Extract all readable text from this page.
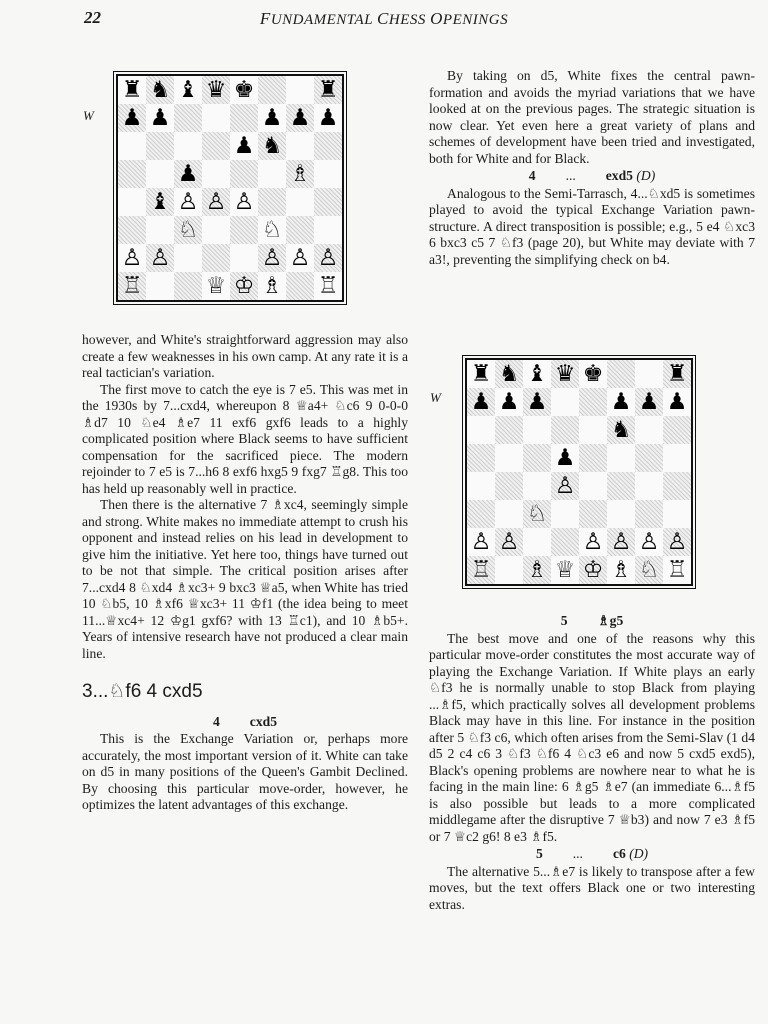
22	FUNDAMENTAL CHESS OPENINGS
W
♜ ♞ ♝ ♛ ♚	♜
♟ ♟	♟ ♟ ♟
♟ ♞
♟	♗
♝ ♙ ♙ ♙
♘	♘
♙ ♙	♙ ♙ ♙
♖	♕ ♔ ♗ ♖

however, and White's straightforward aggression may also create a few weaknesses in his own camp. At any rate it is a real tactician's variation.

The first move to catch the eye is 7 e5. This was met in the 1930s by 7...cxd4, whereupon 8 ♕a4+ ♘c6 9 0-0-0 ♗d7 10 ♘e4 ♗e7 11 exf6 gxf6 leads to a highly complicated position where Black seems to have sufficient compensation for the sacrificed piece. The modern rejoinder to 7 e5 is 7...h6 8 exf6 hxg5 9 fxg7 ♖g8. This too has held up reasonably well in practice.

Then there is the alternative 7 ♗xc4, seemingly simple and strong. White makes no immediate attempt to crush his opponent and instead relies on his lead in development to give him the initiative. Yet here too, things have turned out to be not that simple. The critical position arises after 7...cxd4 8 ♘xd4 ♗xc3+ 9 bxc3 ♕a5, when White has tried 10 ♘b5, 10 ♗xf6 ♕xc3+ 11 ♔f1 (the idea being to meet 11...♕xc4+ 12 ♔g1 gxf6? with 13 ♖c1), and 10 ♗b5+. Years of intensive research have not produced a clear main line.

3...♘f6 4 cxd5
4 cxd5

This is the Exchange Variation or, perhaps more accurately, the most important version of it. White can take on d5 in many positions of the Queen's Gambit Declined. By choosing this particular move-order, however, he optimizes the latent advantages of this exchange.

By taking on d5, White fixes the central pawn-formation and avoids the myriad variations that we have looked at on the previous pages. The strategic situation is now clear. Yet even here a great variety of plans and schemes of development have been tried and investigated, both for White and for Black.

4 ... exd5 (D)

Analogous to the Semi-Tarrasch, 4...♘xd5 is sometimes played to avoid the typical Exchange Variation pawn-structure. A direct transposition is possible; e.g., 5 e4 ♘xc3 6 bxc3 c5 7 ♘f3 (page 20), but White may deviate with 7 a3!, preventing the simplifying check on b4.

W
♜ ♞ ♝ ♛ ♚	♜
♟ ♟ ♟	♟ ♟ ♟
♞
♟
♙
♘
♙ ♙	♙ ♙ ♙ ♙
♖ ♗ ♕ ♔ ♗ ♘ ♖
5 ♗g5

The best move and one of the reasons why this particular move-order constitutes the most accurate way of playing the Exchange Variation. If White plays an early ♘f3 he is normally unable to stop Black from playing ...♗f5, which practically solves all development problems Black may have in this line. For instance in the position after 5 ♘f3 c6, which often arises from the Semi-Slav (1 d4 d5 2 c4 c6 3 ♘f3 ♘f6 4 ♘c3 e6 and now 5 cxd5 exd5), Black's opening problems are nowhere near to what he is facing in the main line: 6 ♗g5 ♗e7 (an immediate 6...♗f5 is also possible but leads to a more complicated middlegame after the disruptive 7 ♕b3) and now 7 e3 ♗f5 or 7 ♕c2 g6! 8 e3 ♗f5.

5 ... c6 (D)

The alternative 5...♗e7 is likely to transpose after a few moves, but the text offers Black one or two interesting extras.
